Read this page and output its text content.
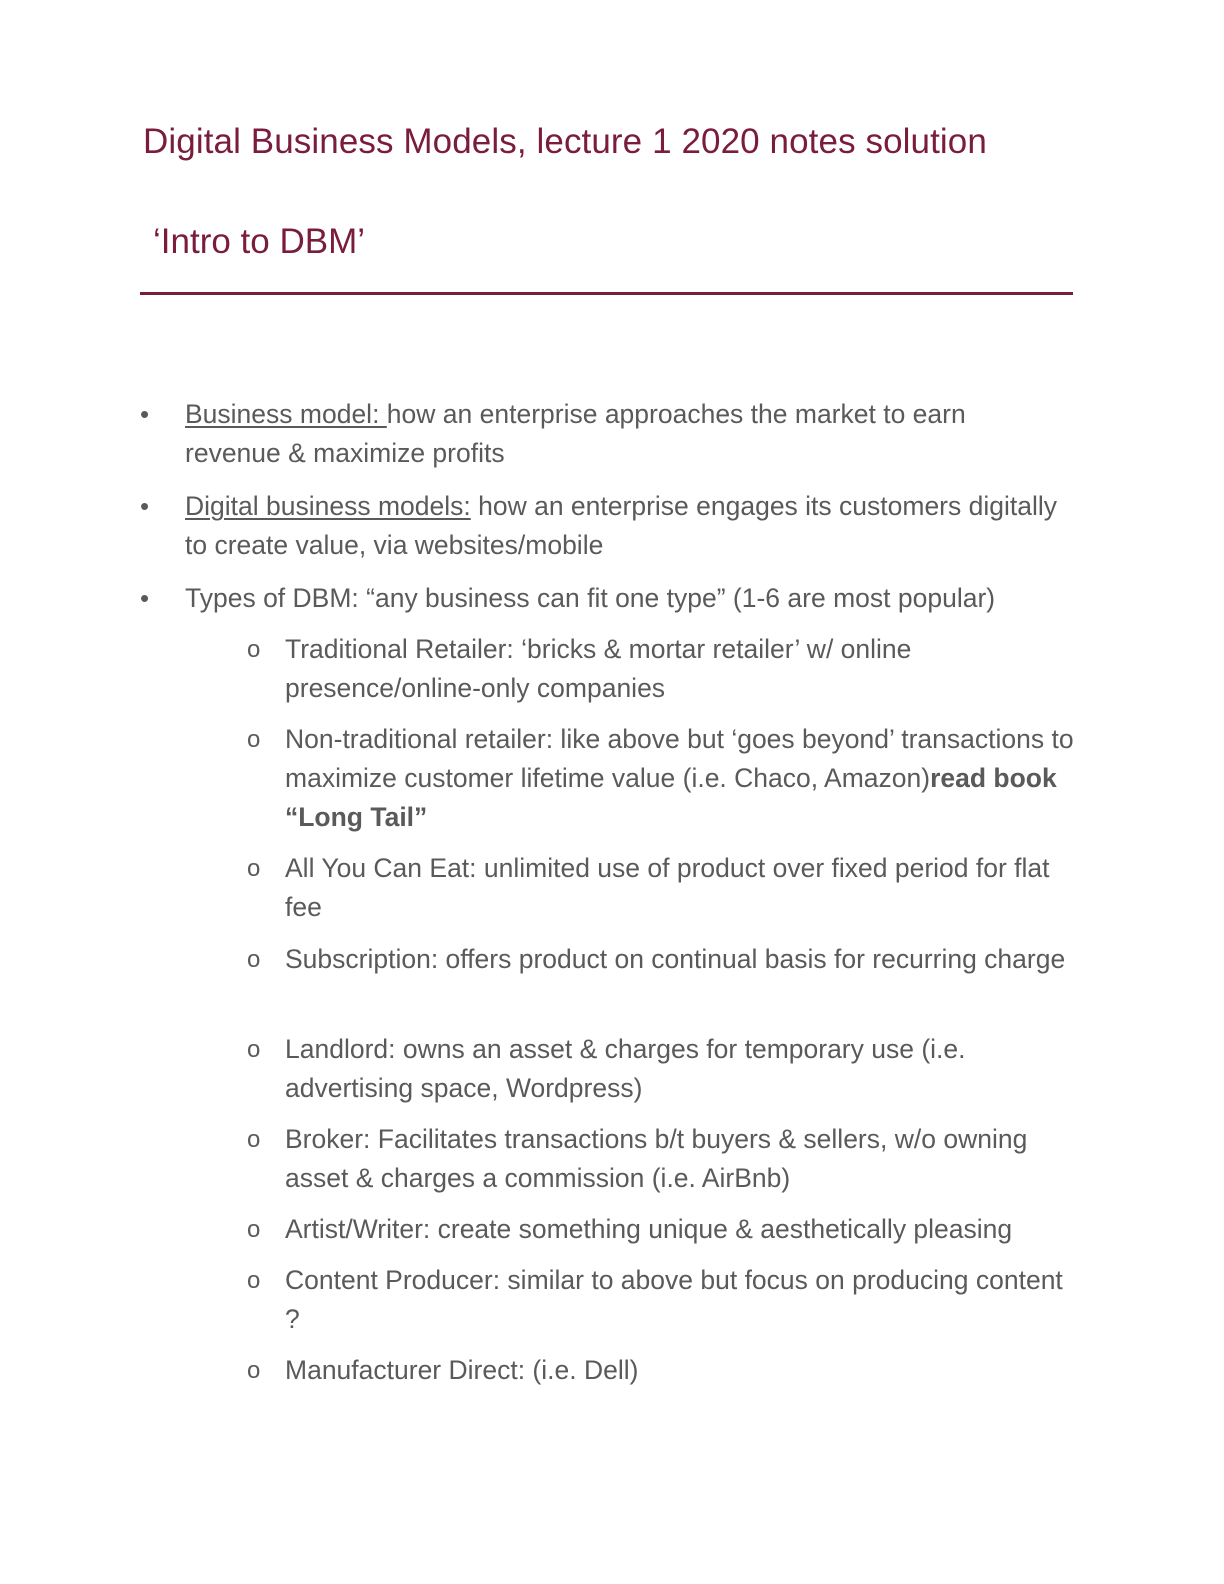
Digital Business Models, lecture 1 2020 notes solution
‘Intro to DBM’
• Business model: how an enterprise approaches the market to earn revenue & maximize profits
• Digital business models: how an enterprise engages its customers digitally to create value, via websites/mobile
• Types of DBM: “any business can fit one type” (1-6 are most popular)
o Traditional Retailer: ‘bricks & mortar retailer’ w/ online presence/online-only companies
o Non-traditional retailer: like above but ‘goes beyond’ transactions to maximize customer lifetime value (i.e. Chaco, Amazon)read book “Long Tail”
o All You Can Eat: unlimited use of product over fixed period for flat fee
o Subscription: offers product on continual basis for recurring charge
o Landlord: owns an asset & charges for temporary use (i.e. advertising space, Wordpress)
o Broker: Facilitates transactions b/t buyers & sellers, w/o owning asset & charges a commission (i.e. AirBnb)
o Artist/Writer: create something unique & aesthetically pleasing
o Content Producer: similar to above but focus on producing content ?
o Manufacturer Direct: (i.e. Dell)
